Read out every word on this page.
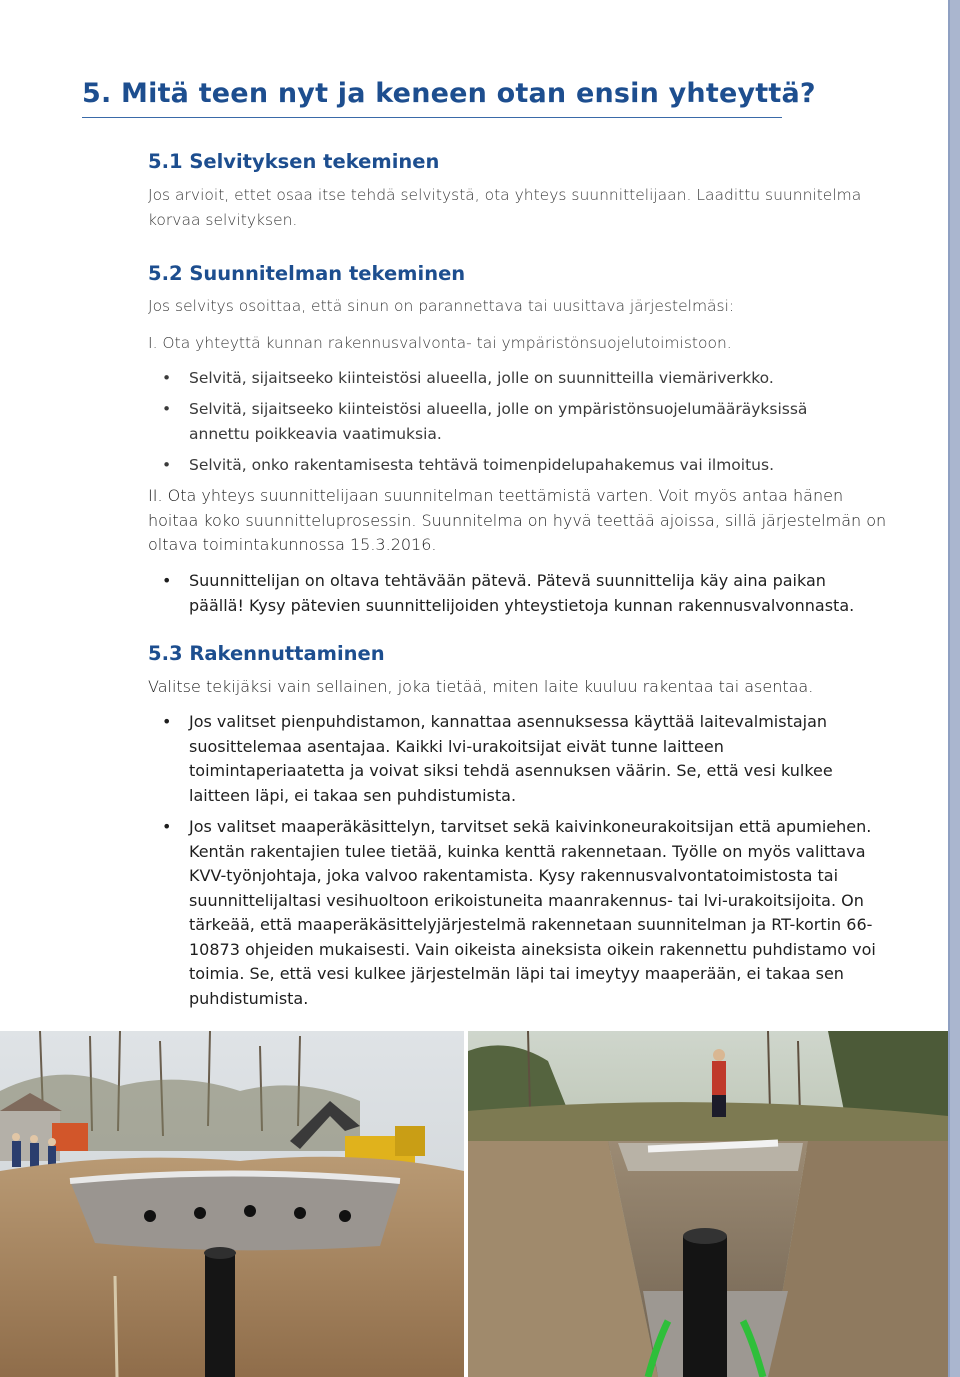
5. Mitä teen nyt ja keneen otan ensin yhteyttä?
5.1 Selvityksen tekeminen

Jos arvioit, ettet osaa itse tehdä selvitystä, ota yhteys suunnittelijaan. Laadittu suunnitelma korvaa selvityksen.

5.2 Suunnitelman tekeminen

Jos selvitys osoittaa, että sinun on parannettava tai uusittava järjestelmäsi:

I. Ota yhteyttä kunnan rakennusvalvonta- tai ympäristönsuojelutoimistoon.

• Selvitä, sijaitseeko kiinteistösi alueella, jolle on suunnitteilla viemäriverkko.
• Selvitä, sijaitseeko kiinteistösi alueella, jolle on ympäristönsuojelumääräyksissä annettu poikkeavia vaatimuksia.
• Selvitä, onko rakentamisesta tehtävä toimenpidelupahakemus vai ilmoitus.

II. Ota yhteys suunnittelijaan suunnitelman teettämistä varten. Voit myös antaa hänen hoitaa koko suunnitteluprosessin. Suunnitelma on hyvä teettää ajoissa, sillä järjestelmän on oltava toimintakunnossa 15.3.2016.

• Suunnittelijan on oltava tehtävään pätevä. Pätevä suunnittelija käy aina paikan päällä! Kysy pätevien suunnittelijoiden yhteystietoja kunnan rakennusvalvonnasta.
5.3 Rakennuttaminen

Valitse tekijäksi vain sellainen, joka tietää, miten laite kuuluu rakentaa tai asentaa.

• Jos valitset pienpuhdistamon, kannattaa asennuksessa käyttää laitevalmistajan suosittelemaa asentajaa. Kaikki lvi-urakoitsijat eivät tunne laitteen toimintaperiaatetta ja voivat siksi tehdä asennuksen väärin. Se, että vesi kulkee laitteen läpi, ei takaa sen puhdistumista.
• Jos valitset maaperäkäsittelyn, tarvitset sekä kaivinkoneurakoitsijan että apumiehen. Kentän rakentajien tulee tietää, kuinka kenttä rakennetaan. Työlle on myös valittava KVV-työnjohtaja, joka valvoo rakentamista. Kysy rakennusvalvontatoimistosta tai suunnittelijaltasi vesihuoltoon erikoistuneita maanrakennus- tai lvi-urakoitsijoita. On tärkeää, että maaperäkäsittelyjärjestelmä rakennetaan suunnitelman ja RT-kortin 66-10873 ohjeiden mukaisesti. Vain oikeista aineksista oikein rakennettu puhdistamo voi toimia. Se, että vesi kulkee järjestelmän läpi tai imeytyy maaperään, ei takaa sen puhdistumista.
